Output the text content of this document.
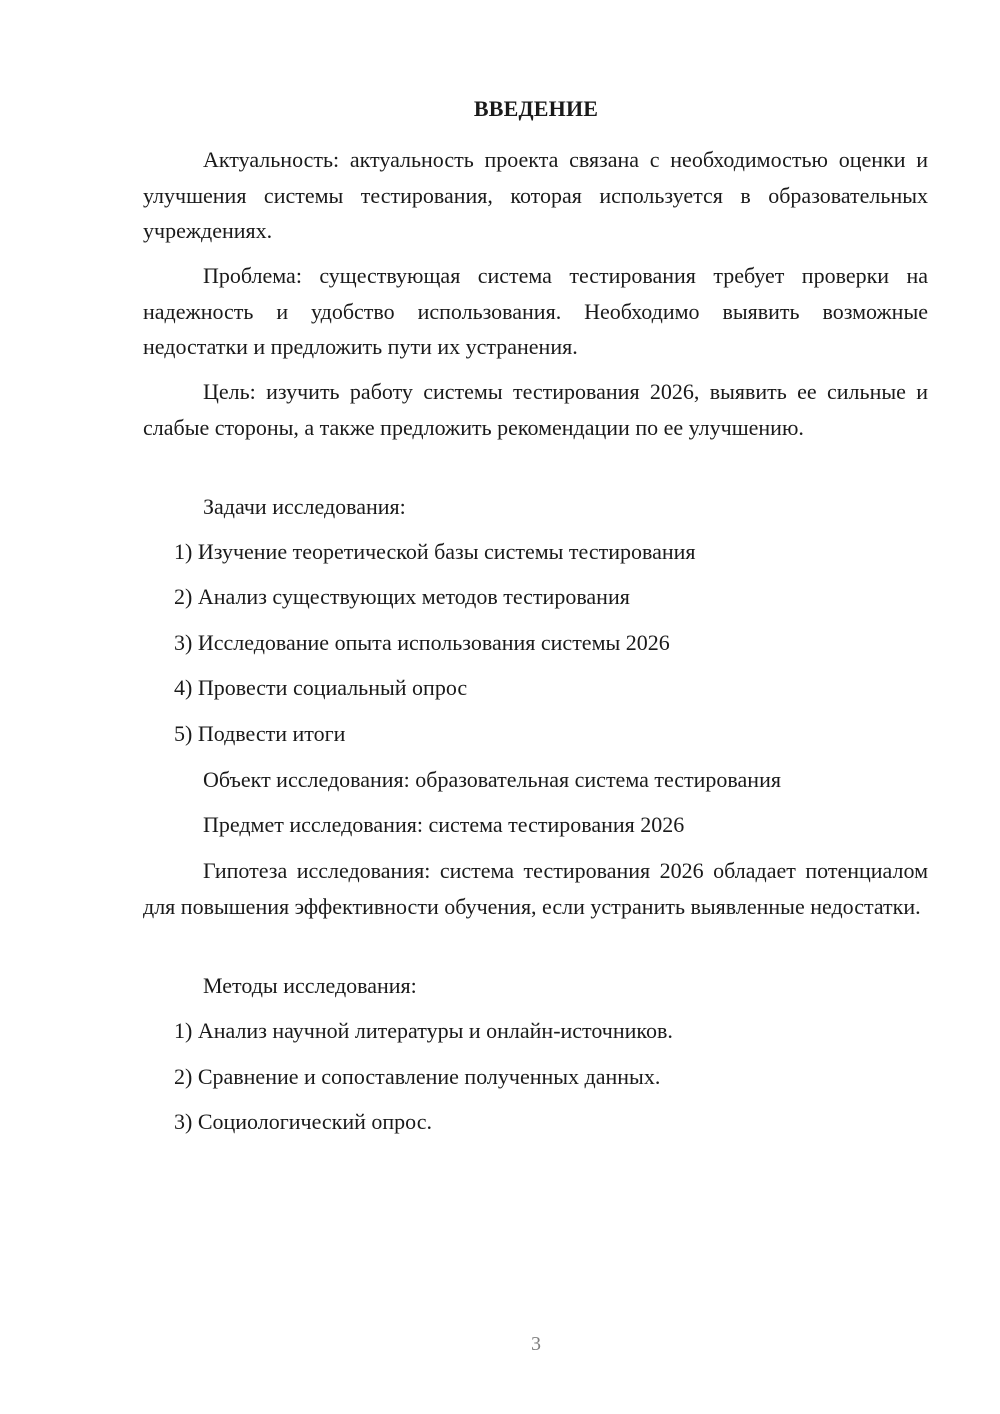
ВВЕДЕНИЕ

Актуальность: актуальность проекта связана с необходимостью оценки и улучшения системы тестирования, которая используется в образовательных учреждениях.

Проблема: существующая система тестирования требует проверки на надежность и удобство использования. Необходимо выявить возможные недостатки и предложить пути их устранения.

Цель: изучить работу системы тестирования 2026, выявить ее сильные и слабые стороны, а также предложить рекомендации по ее улучшению.

Задачи исследования:

1) Изучение теоретической базы системы тестирования

2) Анализ существующих методов тестирования

3) Исследование опыта использования системы 2026

4) Провести социальный опрос

5) Подвести итоги

Объект исследования: образовательная система тестирования

Предмет исследования: система тестирования 2026

Гипотеза исследования: система тестирования 2026 обладает потенциалом для повышения эффективности обучения, если устранить выявленные недостатки.

Методы исследования:

1) Анализ научной литературы и онлайн-источников.

2) Сравнение и сопоставление полученных данных.

3) Социологический опрос.

3
